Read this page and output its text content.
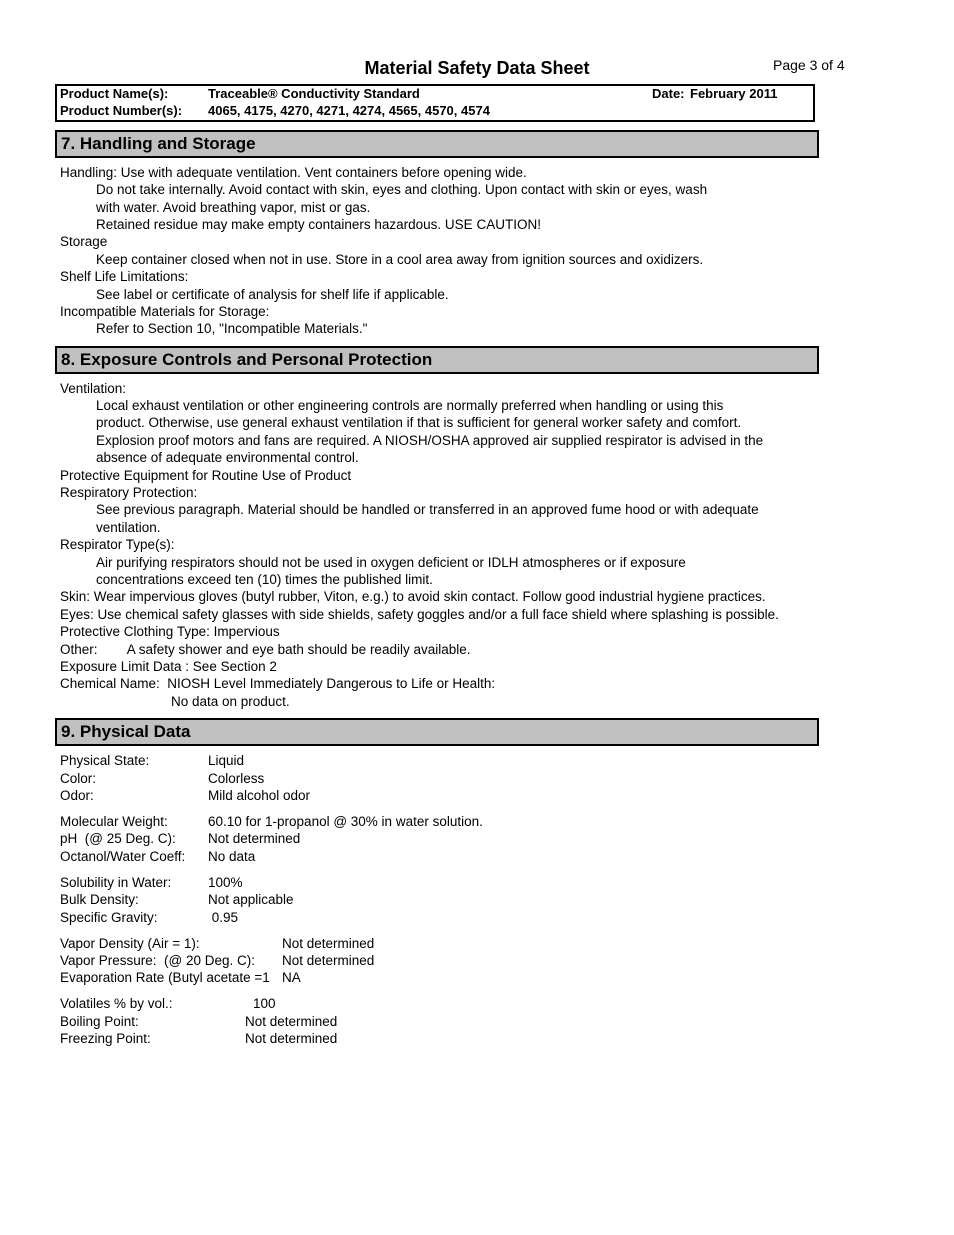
Material Safety Data Sheet	Page 3 of 4
Product Name(s):	Traceable® Conductivity Standard	Date: February 2011
Product Number(s): 4065, 4175, 4270, 4271, 4274, 4565, 4570, 4574
7. Handling and Storage
Handling: Use with adequate ventilation. Vent containers before opening wide.
Do not take internally. Avoid contact with skin, eyes and clothing. Upon contact with skin or eyes, wash
with water. Avoid breathing vapor, mist or gas.
Retained residue may make empty containers hazardous. USE CAUTION!
Storage
Keep container closed when not in use. Store in a cool area away from ignition sources and oxidizers.
Shelf Life Limitations:
See label or certificate of analysis for shelf life if applicable.
Incompatible Materials for Storage:
Refer to Section 10, "Incompatible Materials."
8. Exposure Controls and Personal Protection
Ventilation:
Local exhaust ventilation or other engineering controls are normally preferred when handling or using this
product. Otherwise, use general exhaust ventilation if that is sufficient for general worker safety and comfort.
Explosion proof motors and fans are required. A NIOSH/OSHA approved air supplied respirator is advised in the
absence of adequate environmental control.
Protective Equipment for Routine Use of Product
Respiratory Protection:
See previous paragraph. Material should be handled or transferred in an approved fume hood or with adequate
ventilation.
Respirator Type(s):
Air purifying respirators should not be used in oxygen deficient or IDLH atmospheres or if exposure
concentrations exceed ten (10) times the published limit.
Skin: Wear impervious gloves (butyl rubber, Viton, e.g.) to avoid skin contact. Follow good industrial hygiene practices.
Eyes: Use chemical safety glasses with side shields, safety goggles and/or a full face shield where splashing is possible.
Protective Clothing Type: Impervious
Other:        A safety shower and eye bath should be readily available.
Exposure Limit Data : See Section 2
Chemical Name:  NIOSH Level Immediately Dangerous to Life or Health:
No data on product.
9. Physical Data
Physical State:	Liquid
Color:	Colorless
Odor:	Mild alcohol odor
Molecular Weight:	60.10 for 1-propanol @ 30% in water solution.
pH  (@ 25 Deg. C): Not determined
Octanol/Water Coeff: No data
Solubility in Water:	100%
Bulk Density:	Not applicable
Specific Gravity:	0.95
Vapor Density (Air = 1):	Not determined
Vapor Pressure:  (@ 20 Deg. C): Not determined
Evaporation Rate (Butyl acetate =1 NA
Volatiles % by vol.:	100
Boiling Point:	Not determined
Freezing Point:	Not determined
